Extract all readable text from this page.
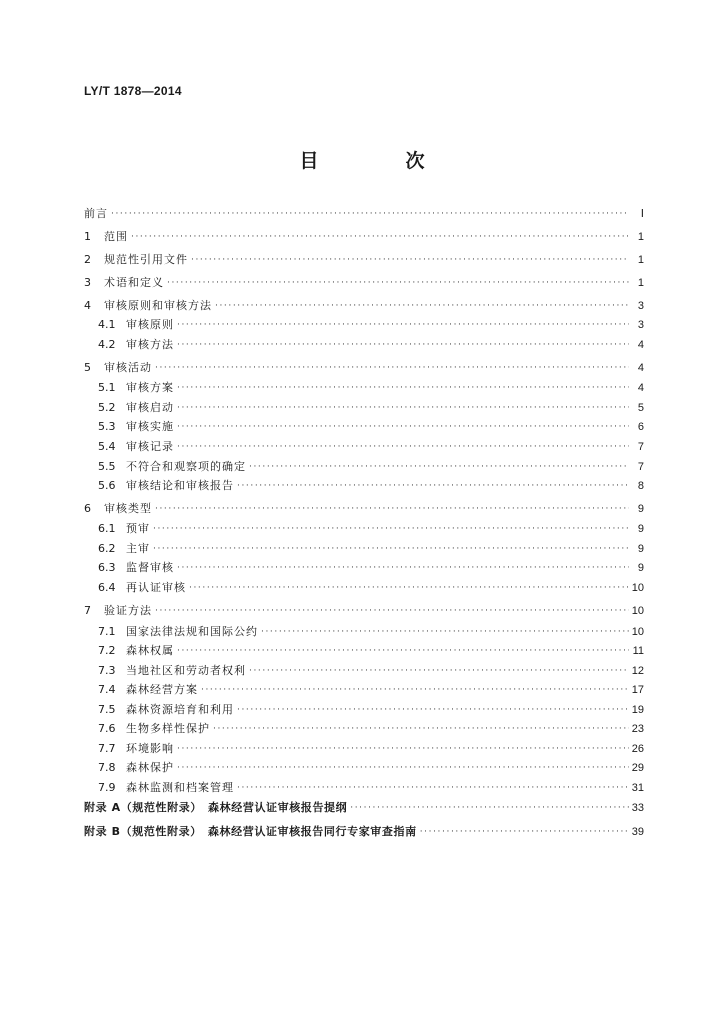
LY/T 1878—2014
目　次
前言 ·····	Ⅰ
1	范围 ·····	1
2	规范性引用文件 ·····	1
3	术语和定义 ·····	1
4	审核原则和审核方法 ·····	3
4.1 审核原则 ·····	3
4.2 审核方法 ·····	4
5	审核活动 ·····	4
5.1 审核方案 ·····	4
5.2 审核启动 ·····	5
5.3 审核实施 ·····	6
5.4 审核记录 ·····	7
5.5 不符合和观察项的确定 ·····	7
5.6 审核结论和审核报告 ·····	8
6	审核类型 ·····	9
6.1 预审 ·····	9
6.2 主审 ·····	9
6.3 监督审核 ·····	9
6.4 再认证审核 ·····	10
7	验证方法 ·····	10
7.1 国家法律法规和国际公约 ·····	10
7.2 森林权属 ·····	11
7.3 当地社区和劳动者权利 ·····	12
7.4 森林经营方案 ·····	17
7.5 森林资源培育和利用 ·····	19
7.6 生物多样性保护 ·····	23
7.7 环境影响 ·····	26
7.8 森林保护 ·····	29
7.9 森林监测和档案管理 ·····	31
附录 A（规范性附录）　森林经营认证审核报告提纲 ·····	33
附录 B（规范性附录）　森林经营认证审核报告同行专家审查指南 ·····	39
